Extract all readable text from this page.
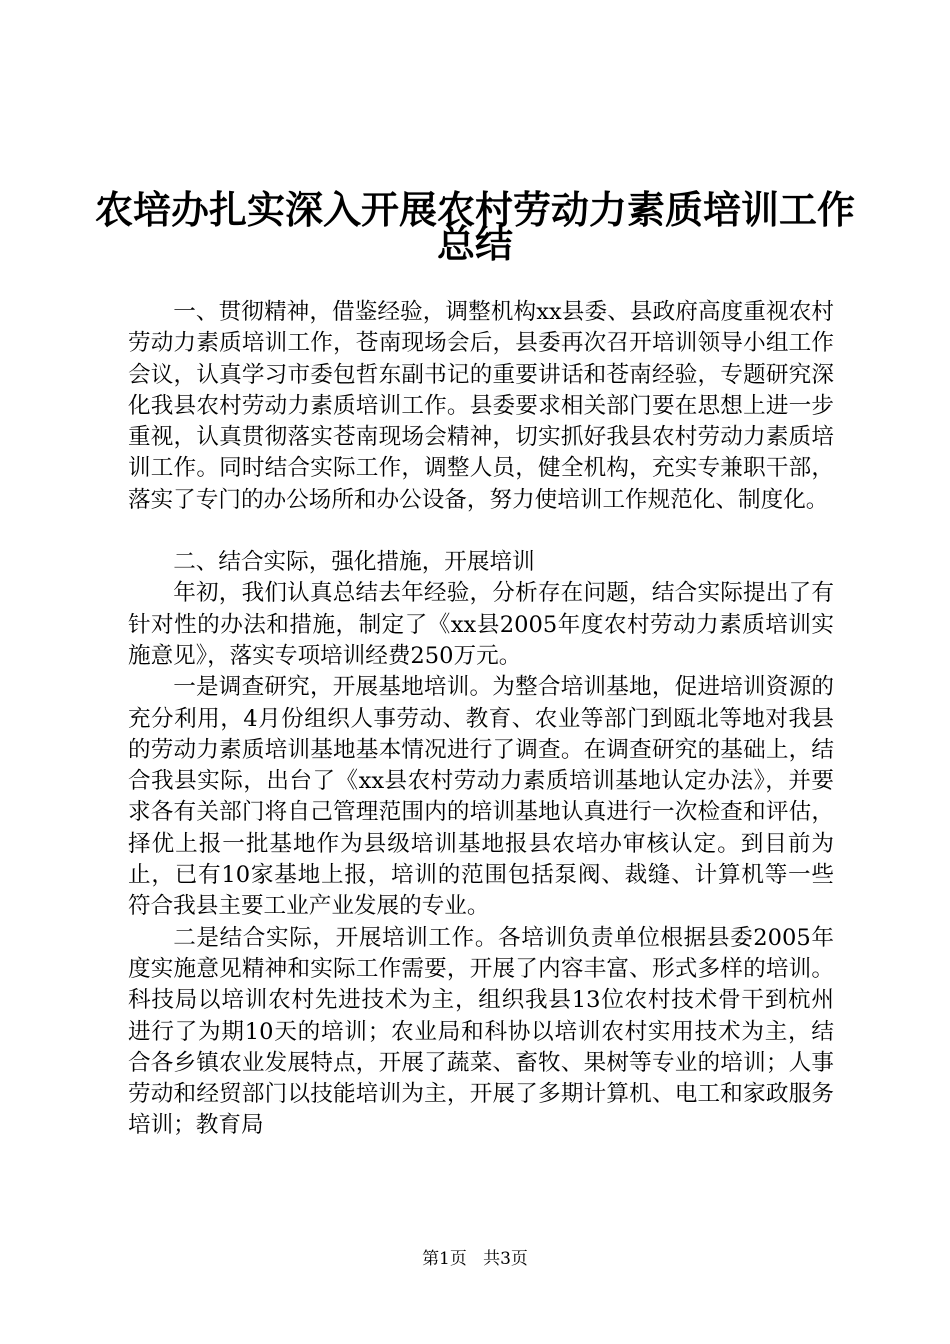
农培办扎实深入开展农村劳动力素质培训工作
总结

一、贯彻精神，借鉴经验，调整机构xx县委、县政府高度重视农村劳动力素质培训工作，苍南现场会后，县委再次召开培训领导小组工作会议，认真学习市委包哲东副书记的重要讲话和苍南经验，专题研究深化我县农村劳动力素质培训工作。县委要求相关部门要在思想上进一步重视，认真贯彻落实苍南现场会精神，切实抓好我县农村劳动力素质培训工作。同时结合实际工作，调整人员，健全机构，充实专兼职干部，落实了专门的办公场所和办公设备，努力使培训工作规范化、制度化。

二、结合实际，强化措施，开展培训

年初，我们认真总结去年经验，分析存在问题，结合实际提出了有针对性的办法和措施，制定了《xx县2005年度农村劳动力素质培训实施意见》，落实专项培训经费250万元。

一是调查研究，开展基地培训。为整合培训基地，促进培训资源的充分利用，4月份组织人事劳动、教育、农业等部门到瓯北等地对我县的劳动力素质培训基地基本情况进行了调查。在调查研究的基础上，结合我县实际，出台了《xx县农村劳动力素质培训基地认定办法》，并要求各有关部门将自己管理范围内的培训基地认真进行一次检查和评估，择优上报一批基地作为县级培训基地报县农培办审核认定。到目前为止，已有10家基地上报，培训的范围包括泵阀、裁缝、计算机等一些符合我县主要工业产业发展的专业。

二是结合实际，开展培训工作。各培训负责单位根据县委2005年度实施意见精神和实际工作需要，开展了内容丰富、形式多样的培训。科技局以培训农村先进技术为主，组织我县13位农村技术骨干到杭州进行了为期10天的培训；农业局和科协以培训农村实用技术为主，结合各乡镇农业发展特点，开展了蔬菜、畜牧、果树等专业的培训；人事劳动和经贸部门以技能培训为主，开展了多期计算机、电工和家政服务培训；教育局

第1页 共3页
